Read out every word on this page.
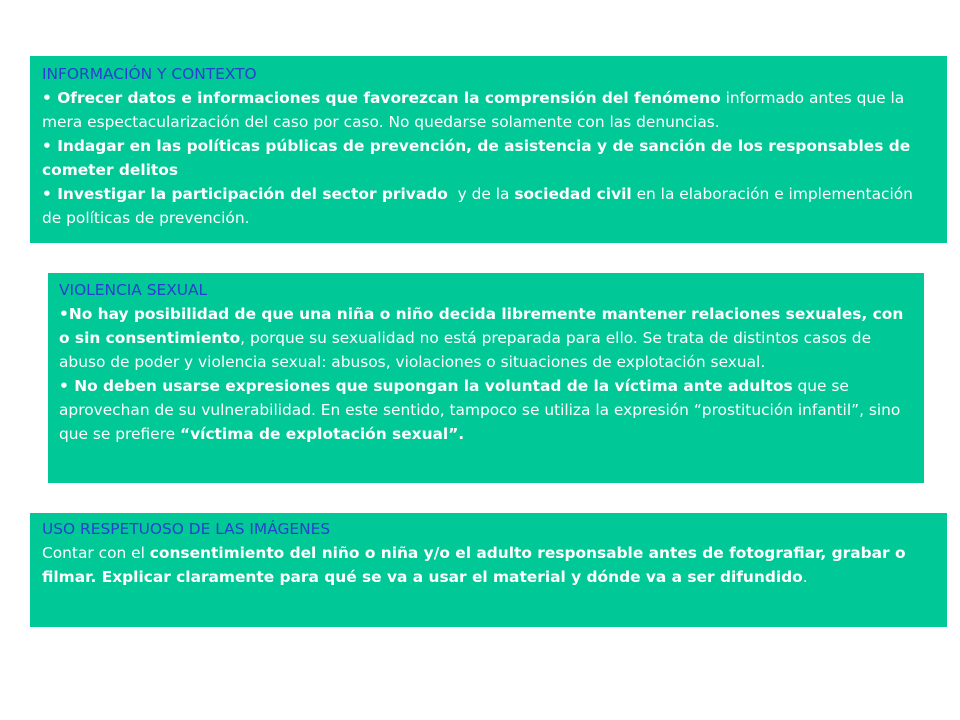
INFORMACIÓN Y CONTEXTO

• Ofrecer datos e informaciones que favorezcan la comprensión del fenómeno informado antes que la mera espectacularización del caso por caso. No quedarse solamente con las denuncias.

• Indagar en las políticas públicas de prevención, de asistencia y de sanción de los responsables de cometer delitos

• Investigar la participación del sector privado  y de la sociedad civil en la elaboración e implementación de políticas de prevención.

VIOLENCIA SEXUAL

•No hay posibilidad de que una niña o niño decida libremente mantener relaciones sexuales, con o sin consentimiento, porque su sexualidad no está preparada para ello. Se trata de distintos casos de abuso de poder y violencia sexual: abusos, violaciones o situaciones de explotación sexual.

• No deben usarse expresiones que supongan la voluntad de la víctima ante adultos que se aprovechan de su vulnerabilidad. En este sentido, tampoco se utiliza la expresión “prostitución infantil”, sino que se prefiere “víctima de explotación sexual”.

USO RESPETUOSO DE LAS IMÁGENES

Contar con el consentimiento del niño o niña y/o el adulto responsable antes de fotografiar, grabar o filmar. Explicar claramente para qué se va a usar el material y dónde va a ser difundido.
